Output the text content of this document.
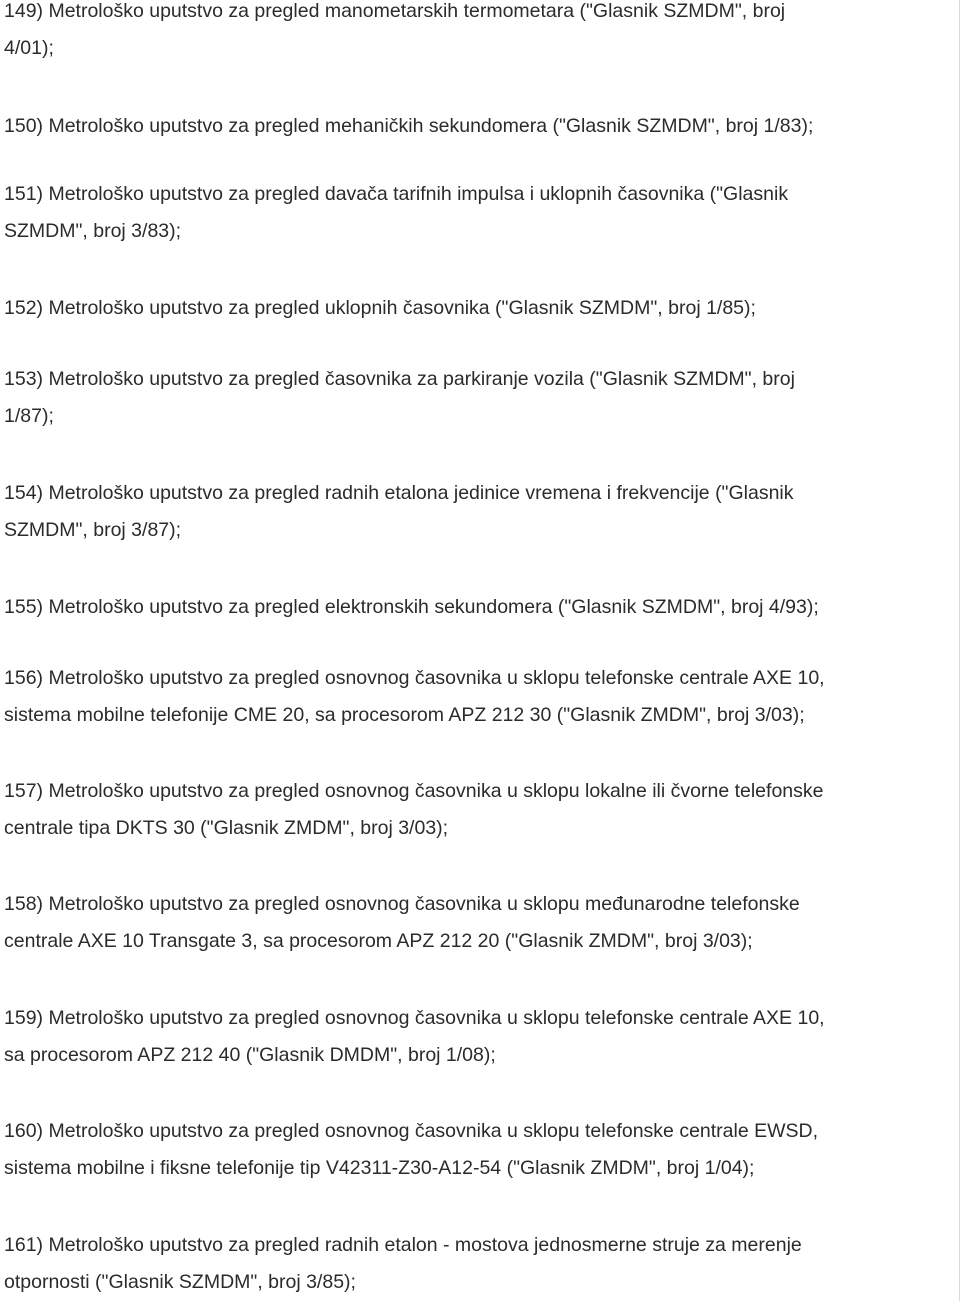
149) Metrološko uputstvo za pregled manometarskih termometara ("Glasnik SZMDM", broj
4/01);

150) Metrološko uputstvo za pregled mehaničkih sekundomera ("Glasnik SZMDM", broj 1/83);

151) Metrološko uputstvo za pregled davača tarifnih impulsa i uklopnih časovnika ("Glasnik
SZMDM", broj 3/83);

152) Metrološko uputstvo za pregled uklopnih časovnika ("Glasnik SZMDM", broj 1/85);

153) Metrološko uputstvo za pregled časovnika za parkiranje vozila ("Glasnik SZMDM", broj
1/87);

154) Metrološko uputstvo za pregled radnih etalona jedinice vremena i frekvencije ("Glasnik
SZMDM", broj 3/87);

155) Metrološko uputstvo za pregled elektronskih sekundomera ("Glasnik SZMDM", broj 4/93);

156) Metrološko uputstvo za pregled osnovnog časovnika u sklopu telefonske centrale AXE 10,
sistema mobilne telefonije CME 20, sa procesorom APZ 212 30 ("Glasnik ZMDM", broj 3/03);

157) Metrološko uputstvo za pregled osnovnog časovnika u sklopu lokalne ili čvorne telefonske
centrale tipa DKTS 30 ("Glasnik ZMDM", broj 3/03);

158) Metrološko uputstvo za pregled osnovnog časovnika u sklopu međunarodne telefonske
centrale AXE 10 Transgate 3, sa procesorom APZ 212 20 ("Glasnik ZMDM", broj 3/03);

159) Metrološko uputstvo za pregled osnovnog časovnika u sklopu telefonske centrale AXE 10,
sa procesorom APZ 212 40 ("Glasnik DMDM", broj 1/08);

160) Metrološko uputstvo za pregled osnovnog časovnika u sklopu telefonske centrale EWSD,
sistema mobilne i fiksne telefonije tip V42311-Z30-A12-54 ("Glasnik ZMDM", broj 1/04);

161) Metrološko uputstvo za pregled radnih etalon - mostova jednosmerne struje za merenje
otpornosti ("Glasnik SZMDM", broj 3/85);
